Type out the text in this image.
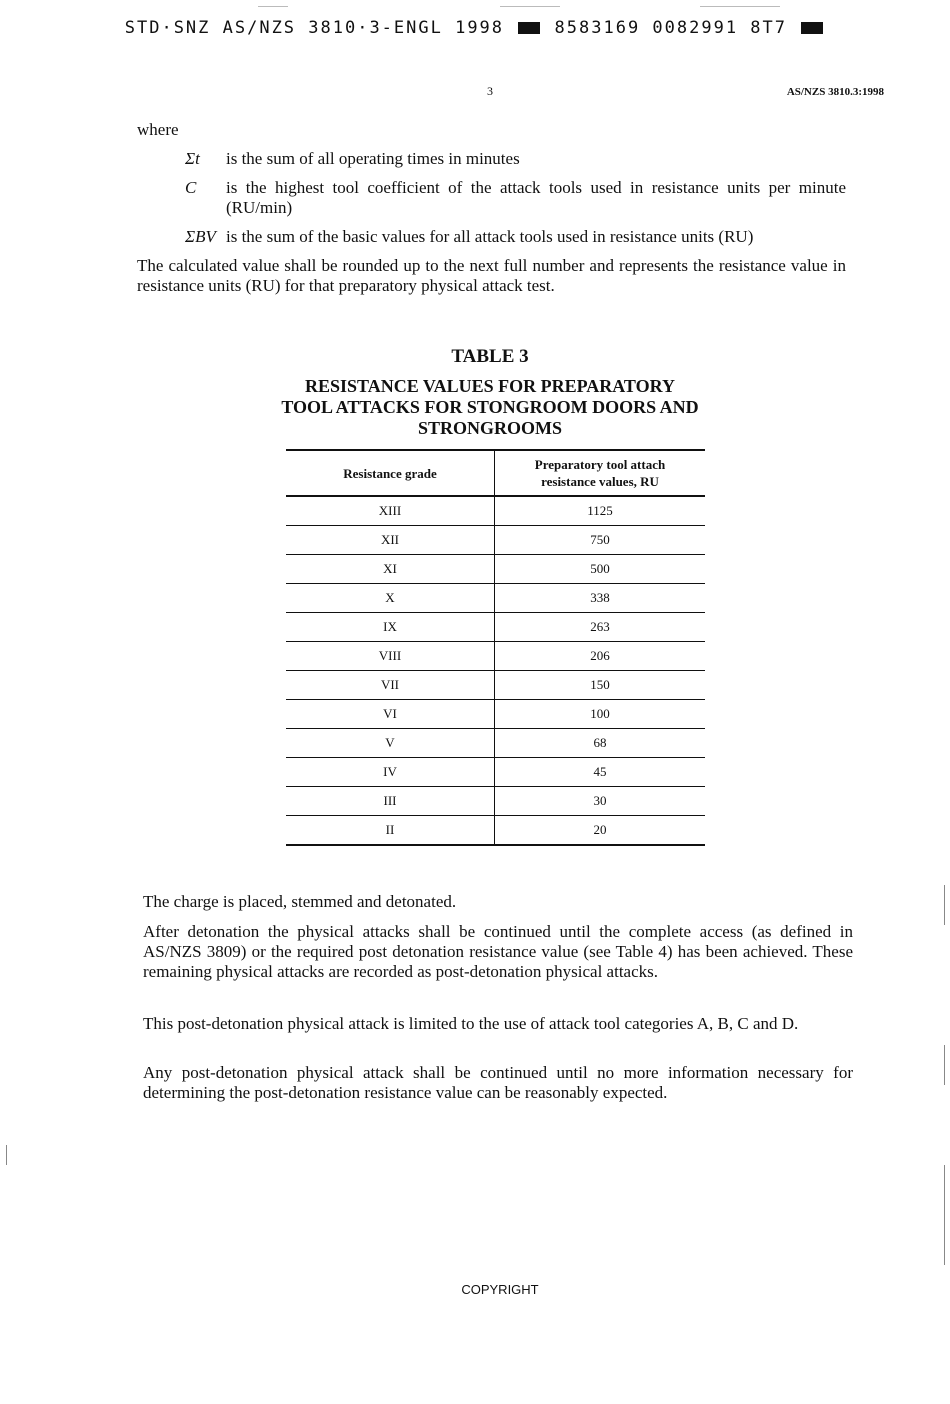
STD·SNZ AS/NZS 3810·3-ENGL 1998	8583169 0082991 8T7
3	AS/NZS 3810.3:1998
where
Σt is the sum of all operating times in minutes
C is the highest tool coefficient of the attack tools used in resistance units per minute (RU/min)
ΣBV is the sum of the basic values for all attack tools used in resistance units (RU)
The calculated value shall be rounded up to the next full number and represents the resistance value in resistance units (RU) for that preparatory physical attack test.
TABLE 3
RESISTANCE VALUES FOR PREPARATORY TOOL ATTACKS FOR STONGROOM DOORS AND STRONGROOMS
Resistance grade	Preparatory tool attach resistance values, RU

XIII	1125
XII	750
XI	500
X	338
IX	263
VIII	206
VII	150
VI	100
V	68
IV	45
III	30
II	20
The charge is placed, stemmed and detonated.
After detonation the physical attacks shall be continued until the complete access (as defined in AS/NZS 3809) or the required post detonation resistance value (see Table 4) has been achieved. These remaining physical attacks are recorded as post-detonation physical attacks.
This post-detonation physical attack is limited to the use of attack tool categories A, B, C and D.
Any post-detonation physical attack shall be continued until no more information necessary for determining the post-detonation resistance value can be reasonably expected.
COPYRIGHT
